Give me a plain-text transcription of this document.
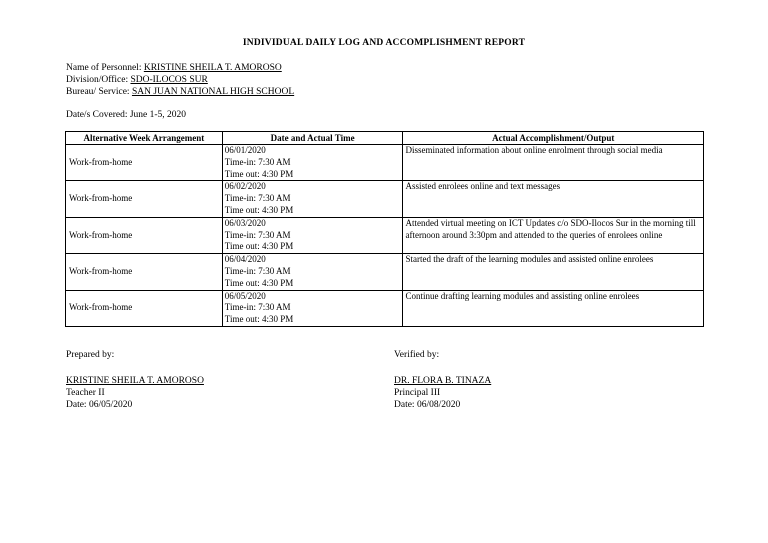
INDIVIDUAL DAILY LOG AND ACCOMPLISHMENT REPORT
Name of Personnel: KRISTINE SHEILA T. AMOROSO
Division/Office: SDO-ILOCOS SUR
Bureau/ Service: SAN JUAN NATIONAL HIGH SCHOOL
Date/s Covered: June 1-5, 2020
Alternative Week Arrangement	Date and Actual Time	Actual Accomplishment/Output
Work-from-home	06/01/2020
Time-in: 7:30 AM
Time out: 4:30 PM	Disseminated information about online enrolment through social media
Work-from-home	06/02/2020
Time-in: 7:30 AM
Time out: 4:30 PM	Assisted enrolees online and text messages
Work-from-home	06/03/2020
Time-in: 7:30 AM
Time out: 4:30 PM	Attended virtual meeting on ICT Updates c/o SDO-Ilocos Sur in the morning till afternoon around 3:30pm and attended to the queries of enrolees online
Work-from-home	06/04/2020
Time-in: 7:30 AM
Time out: 4:30 PM	Started the draft of the learning modules and assisted online enrolees
Work-from-home	06/05/2020
Time-in: 7:30 AM
Time out: 4:30 PM	Continue drafting learning modules and assisting online enrolees
Prepared by:
KRISTINE SHEILA T. AMOROSO
Teacher II
Date: 06/05/2020
Verified by:
DR. FLORA B. TINAZA
Principal III
Date: 06/08/2020
